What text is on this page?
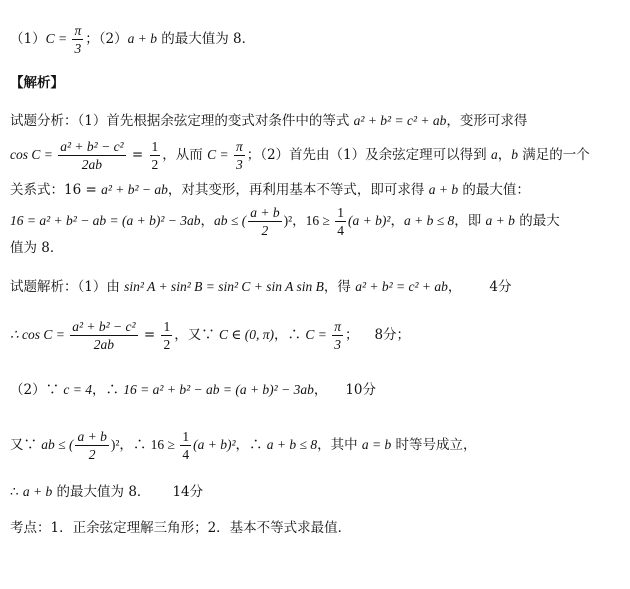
$(1)C = \frac{\pi}{3}$ ；（2）a + b 的最大值为 8．
【解析】
试题分析：（1）首先根据余弦定理的变式对条件中的等式 a² + b² = c² + ab，变形可求得
$\cos C = \frac{\text{a² + b² − c²}}{2ab} = \frac{1}{2}$ ，从而 $C = \frac{\pi}{3}$ ；（2）首先由（1）及余弦定理可以得到 a，b 满足的一个
关系式：16 = a² + b² − ab，对其变形，再利用基本不等式，即可求得 a + b 的最大值：
16 = a² + b² − ab = (a + b)² − 3ab，ab ≤ ( $\frac{a + b}{2} )^2$，$16 \ge \frac{1}{4} (a + b)^2$，a + b ≤ 8，即 a + b 的最大
值为 8．
试题解析：（1）由 sin² A + sin² B = sin² C + sin A sin B，得 a² + b² = c² + ab， 4分
∴ $\cos C = \frac{\text{a² + b² − c²}}{2ab} = \frac{1}{2}$ ，又∵ C ∈ (0, π)，∴ $C = \frac{\pi}{3}$ ； 8分；
（2）∵ c = 4，∴ 16 = a² + b² − ab = (a + b)² − 3ab， 10分
又∵ ab ≤ ( $\frac{a + b}{2} )^2$，∴ $16 \ge \frac{1}{4} (a + b)^2$，∴ a + b ≤ 8，其中 a = b 时等号成立，
∴ a + b 的最大值为 8． 14分
考点：1．正余弦定理解三角形；2．基本不等式求最值．
